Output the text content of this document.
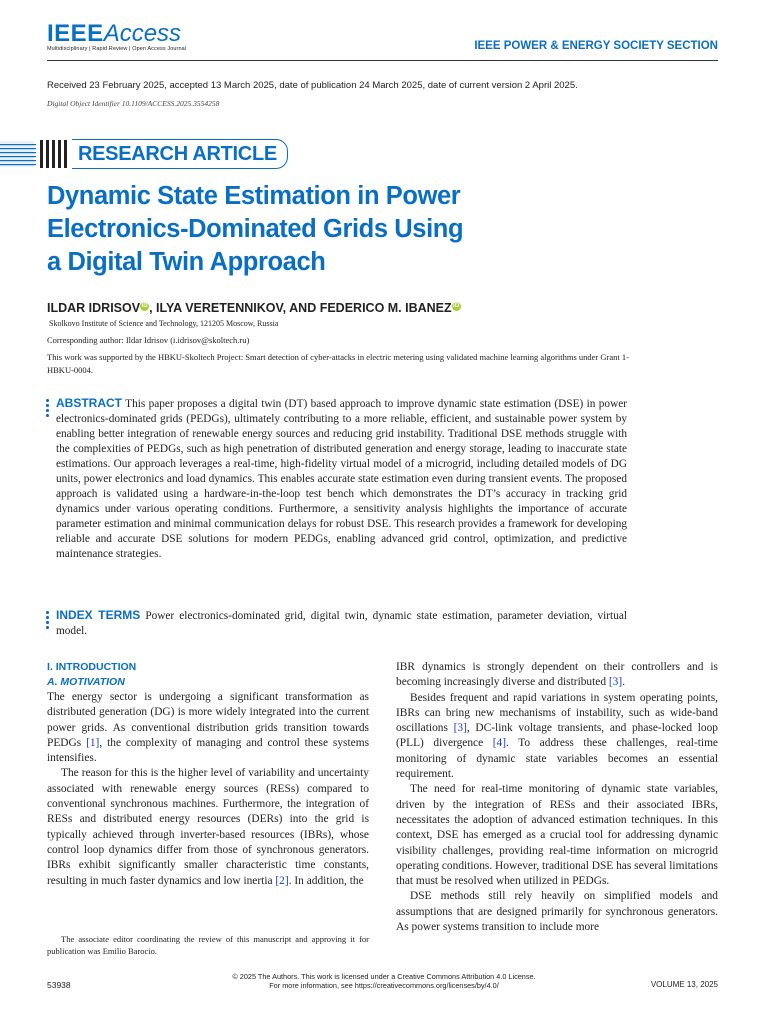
IEEEAccess
Multidisciplinary | Rapid Review | Open Access Journal	IEEE POWER & ENERGY SOCIETY SECTION
Received 23 February 2025, accepted 13 March 2025, date of publication 24 March 2025, date of current version 2 April 2025.
Digital Object Identifier 10.1109/ACCESS.2025.3554258
RESEARCH ARTICLE
Dynamic State Estimation in Power
Electronics-Dominated Grids Using
a Digital Twin Approach
ILDAR IDRISOV iD , ILYA VERETENNIKOV, AND FEDERICO M. IBANEZ iD
Skolkovo Institute of Science and Technology, 121205 Moscow, Russia
Corresponding author: Ildar Idrisov (i.idrisov@skoltech.ru)
This work was supported by the HBKU-Skoltech Project: Smart detection of cyber-attacks in electric metering using validated machine learning algorithms under Grant 1-HBKU-0004.
ABSTRACT This paper proposes a digital twin (DT) based approach to improve dynamic state estimation (DSE) in power electronics-dominated grids (PEDGs), ultimately contributing to a more reliable, efficient, and sustainable power system by enabling better integration of renewable energy sources and reducing grid instability. Traditional DSE methods struggle with the complexities of PEDGs, such as high penetration of distributed generation and energy storage, leading to inaccurate state estimations. Our approach leverages a real-time, high-fidelity virtual model of a microgrid, including detailed models of DG units, power electronics and load dynamics. This enables accurate state estimation even during transient events. The proposed approach is validated using a hardware-in-the-loop test bench which demonstrates the DT’s accuracy in tracking grid dynamics under various operating conditions. Furthermore, a sensitivity analysis highlights the importance of accurate parameter estimation and minimal communication delays for robust DSE. This research provides a framework for developing reliable and accurate DSE solutions for modern PEDGs, enabling advanced grid control, optimization, and predictive maintenance strategies.
INDEX TERMS Power electronics-dominated grid, digital twin, dynamic state estimation, parameter deviation, virtual model.
I. INTRODUCTION
A. MOTIVATION

The energy sector is undergoing a significant transformation as distributed generation (DG) is more widely integrated into the current power grids. As conventional distribution grids transition towards PEDGs [1], the complexity of managing and control these systems intensifies.

The reason for this is the higher level of variability and uncertainty associated with renewable energy sources (RESs) compared to conventional synchronous machines. Furthermore, the integration of RESs and distributed energy resources (DERs) into the grid is typically achieved through inverter-based resources (IBRs), whose control loop dynamics differ from those of synchronous generators. IBRs exhibit significantly smaller characteristic time constants, resulting in much faster dynamics and low inertia [2]. In addition, the

IBR dynamics is strongly dependent on their controllers and is becoming increasingly diverse and distributed [3].

Besides frequent and rapid variations in system operating points, IBRs can bring new mechanisms of instability, such as wide-band oscillations [3], DC-link voltage transients, and phase-locked loop (PLL) divergence [4]. To address these challenges, real-time monitoring of dynamic state variables becomes an essential requirement.

The need for real-time monitoring of dynamic state variables, driven by the integration of RESs and their associated IBRs, necessitates the adoption of advanced estimation techniques. In this context, DSE has emerged as a crucial tool for addressing dynamic visibility challenges, providing real-time information on microgrid operating conditions. However, traditional DSE has several limitations that must be resolved when utilized in PEDGs.

DSE methods still rely heavily on simplified models and assumptions that are designed primarily for synchronous generators. As power systems transition to include more

The associate editor coordinating the review of this manuscript and approving it for publication was Emilio Barocio.
© 2025 The Authors. This work is licensed under a Creative Commons Attribution 4.0 License.
For more information, see https://creativecommons.org/licenses/by/4.0/
53938	VOLUME 13, 2025
